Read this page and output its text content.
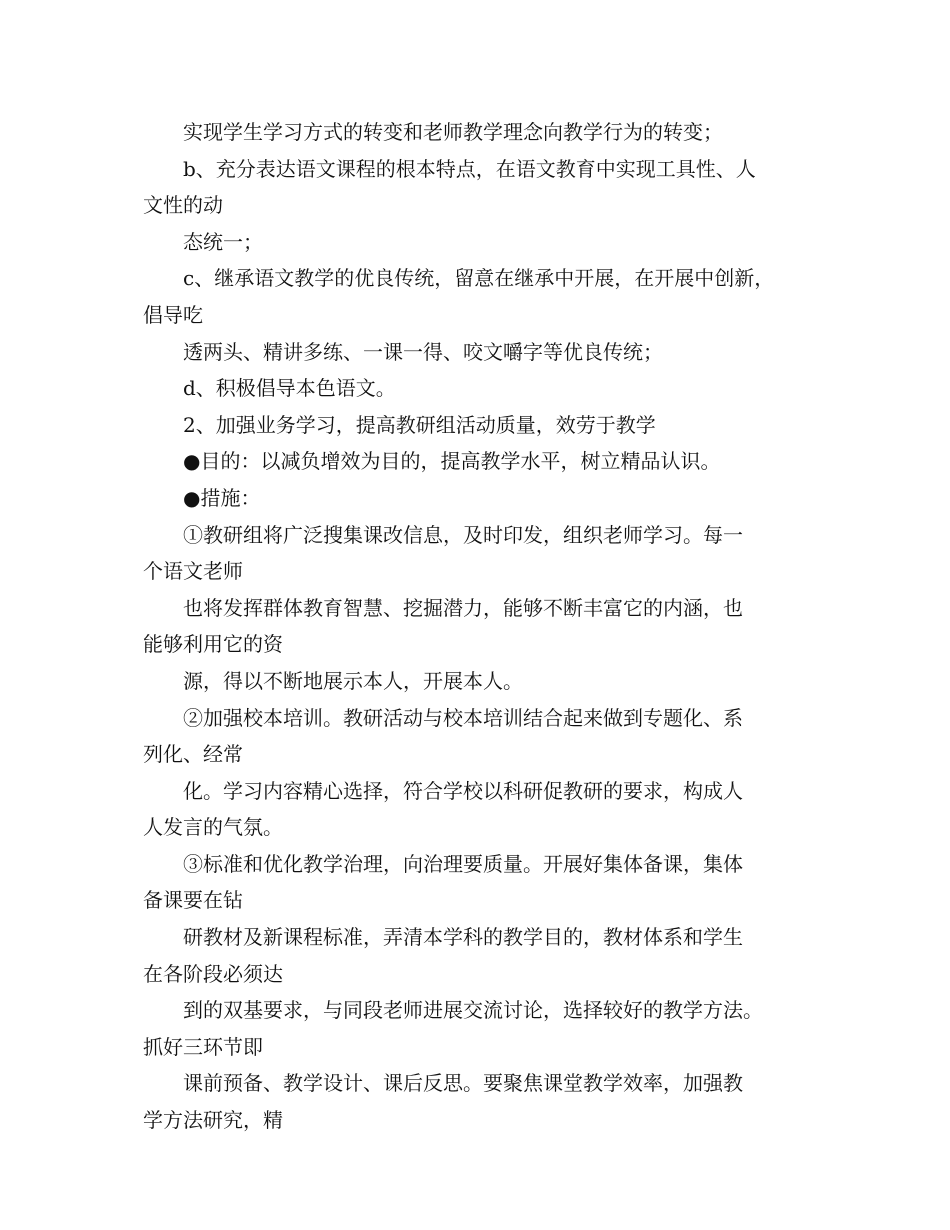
实现学生学习方式的转变和老师教学理念向教学行为的转变；
b、充分表达语文课程的根本特点，在语文教育中实现工具性、人
文性的动
态统一；
c、继承语文教学的优良传统，留意在继承中开展，在开展中创新，
倡导吃
透两头、精讲多练、一课一得、咬文嚼字等优良传统；
d、积极倡导本色语文。
2、加强业务学习，提高教研组活动质量，效劳于教学
●目的：以减负增效为目的，提高教学水平，树立精品认识。
●措施：
①教研组将广泛搜集课改信息，及时印发，组织老师学习。每一
个语文老师
也将发挥群体教育智慧、挖掘潜力，能够不断丰富它的内涵，也
能够利用它的资
源，得以不断地展示本人，开展本人。
②加强校本培训。教研活动与校本培训结合起来做到专题化、系
列化、经常
化。学习内容精心选择，符合学校以科研促教研的要求，构成人
人发言的气氛。
③标准和优化教学治理，向治理要质量。开展好集体备课，集体
备课要在钻
研教材及新课程标准，弄清本学科的教学目的，教材体系和学生
在各阶段必须达
到的双基要求，与同段老师进展交流讨论，选择较好的教学方法。
抓好三环节即
课前预备、教学设计、课后反思。要聚焦课堂教学效率，加强教
学方法研究，精
